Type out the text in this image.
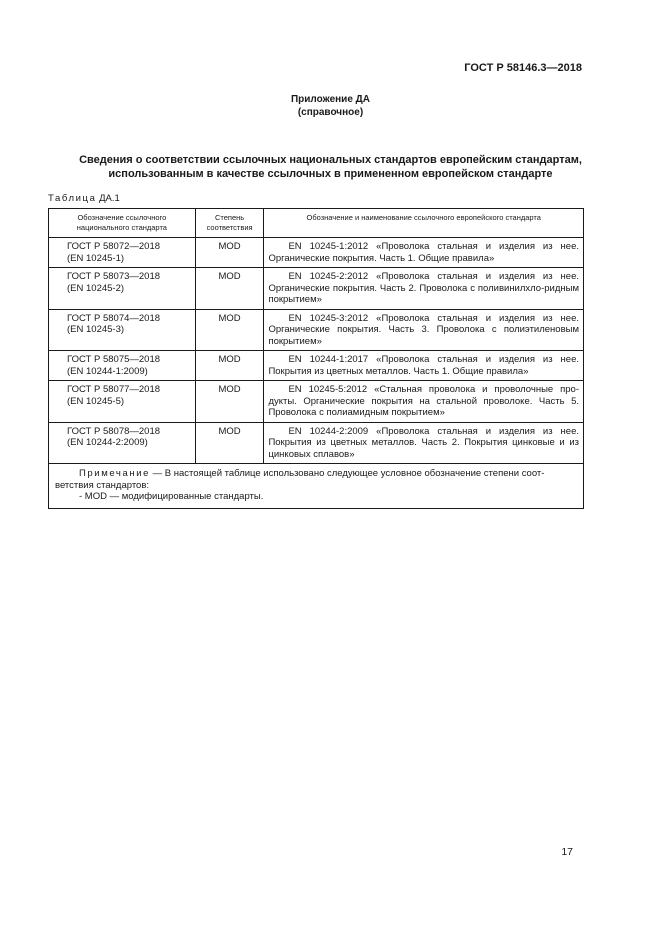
ГОСТ Р 58146.3—2018
Приложение ДА
(справочное)
Сведения о соответствии ссылочных национальных стандартов европейским стандартам,
использованным в качестве ссылочных в примененном европейском стандарте
Таблица ДА.1
Обозначение ссылочного национального стандарта	Степень соответствия	Обозначение и наименование ссылочного европейского стандарта

ГОСТ Р 58072—2018
(EN 10245-1)	MOD	EN 10245-1:2012 «Проволока стальная и изделия из нее. Органические покрытия. Часть 1. Общие правила»

ГОСТ Р 58073—2018
(EN 10245-2)	MOD	EN 10245-2:2012 «Проволока стальная и изделия из нее. Органические покрытия. Часть 2. Проволока с поливинилхло-ридным покрытием»

ГОСТ Р 58074—2018
(EN 10245-3)	MOD	EN 10245-3:2012 «Проволока стальная и изделия из нее. Органические покрытия. Часть 3. Проволока с полиэтиленовым покрытием»

ГОСТ Р 58075—2018
(EN 10244-1:2009)	MOD	EN 10244-1:2017 «Проволока стальная и изделия из нее. Покрытия из цветных металлов. Часть 1. Общие правила»

ГОСТ Р 58077—2018
(EN 10245-5)	MOD	EN 10245-5:2012 «Стальная проволока и проволочные про-дукты. Органические покрытия на стальной проволоке. Часть 5. Проволока с полиамидным покрытием»

ГОСТ Р 58078—2018
(EN 10244-2:2009)	MOD	EN 10244-2:2009 «Проволока стальная и изделия из нее. Покрытия из цветных металлов. Часть 2. Покрытия цинковые и из цинковых сплавов»
Примечание — В настоящей таблице использовано следующее условное обозначение степени соот-ветствия стандартов:
- MOD — модифицированные стандарты.		
17
